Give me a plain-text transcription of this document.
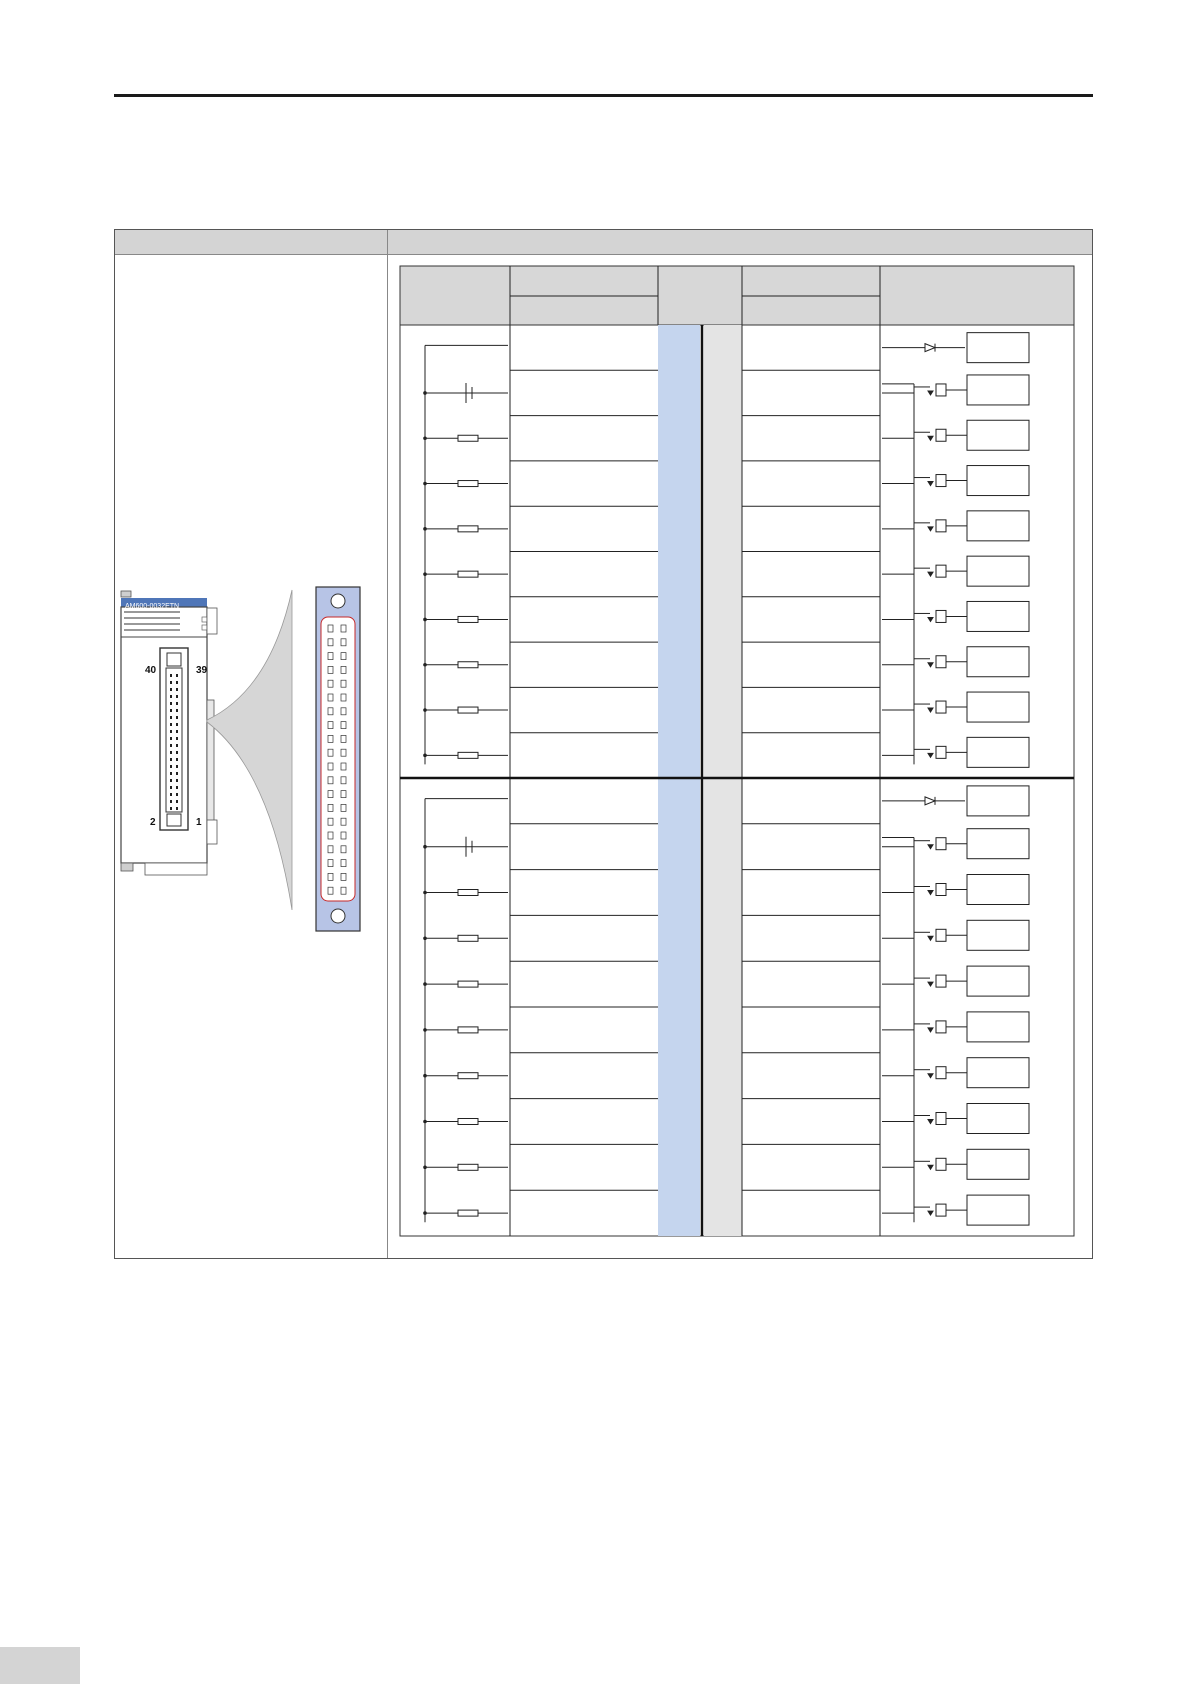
AM600-0032ETN
40	39
2	1
